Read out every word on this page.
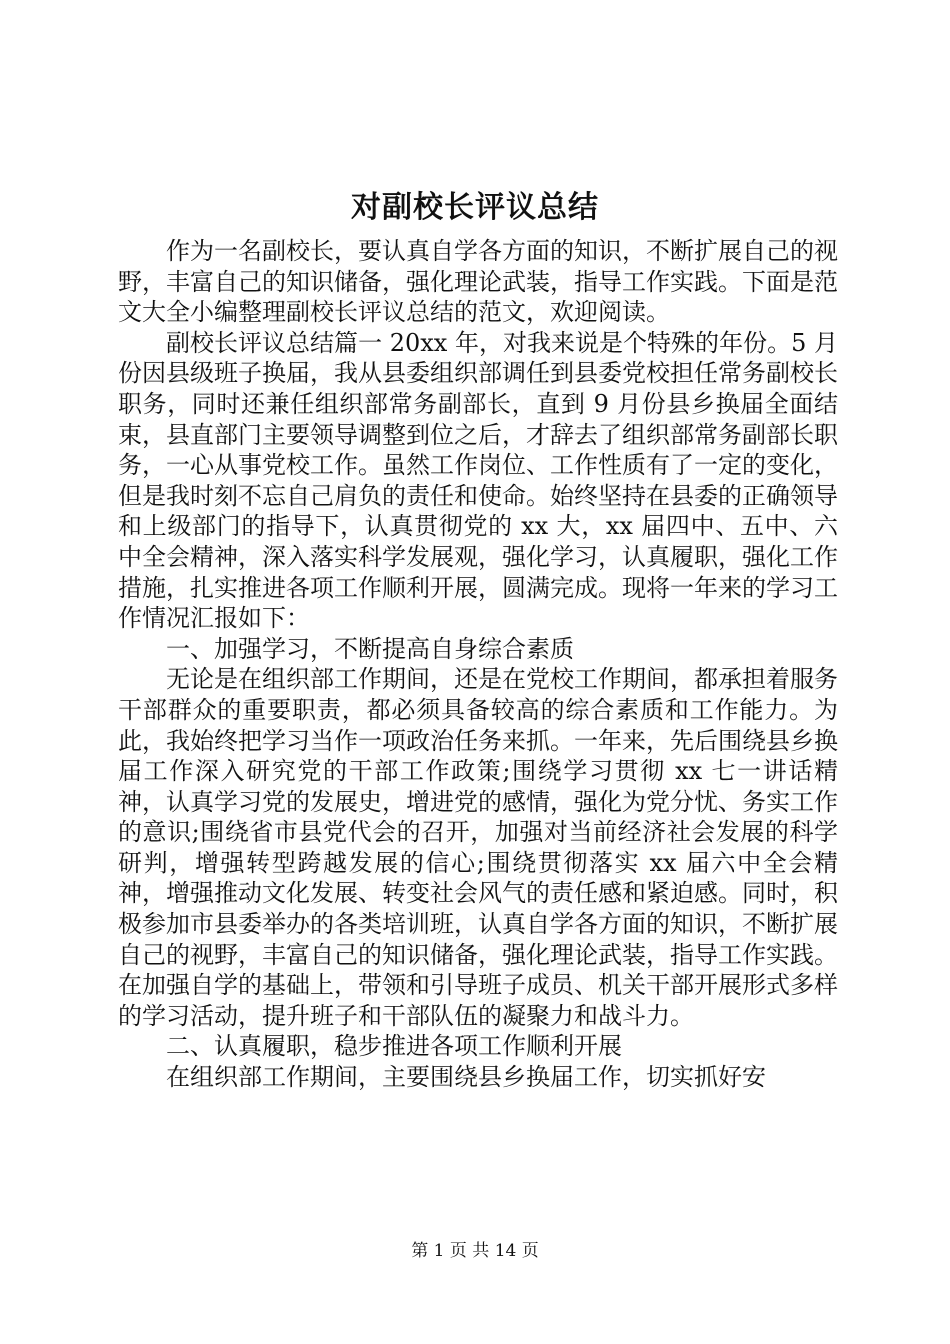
对副校长评议总结

作为一名副校长，要认真自学各方面的知识，不断扩展自己的视野，丰富自己的知识储备，强化理论武装，指导工作实践。下面是范文大全小编整理副校长评议总结的范文，欢迎阅读。

副校长评议总结篇一 20xx 年，对我来说是个特殊的年份。5 月份因县级班子换届，我从县委组织部调任到县委党校担任常务副校长职务，同时还兼任组织部常务副部长，直到 9 月份县乡换届全面结束，县直部门主要领导调整到位之后，才辞去了组织部常务副部长职务，一心从事党校工作。虽然工作岗位、工作性质有了一定的变化，但是我时刻不忘自己肩负的责任和使命。始终坚持在县委的正确领导和上级部门的指导下，认真贯彻党的 xx 大，xx 届四中、五中、六中全会精神，深入落实科学发展观，强化学习，认真履职，强化工作措施，扎实推进各项工作顺利开展，圆满完成。现将一年来的学习工作情况汇报如下：

一、加强学习，不断提高自身综合素质

无论是在组织部工作期间，还是在党校工作期间，都承担着服务干部群众的重要职责，都必须具备较高的综合素质和工作能力。为此，我始终把学习当作一项政治任务来抓。一年来，先后围绕县乡换届工作深入研究党的干部工作政策;围绕学习贯彻 xx 七一讲话精神，认真学习党的发展史，增进党的感情，强化为党分忧、务实工作的意识;围绕省市县党代会的召开，加强对当前经济社会发展的科学研判，增强转型跨越发展的信心;围绕贯彻落实 xx 届六中全会精神，增强推动文化发展、转变社会风气的责任感和紧迫感。同时，积极参加市县委举办的各类培训班，认真自学各方面的知识，不断扩展自己的视野，丰富自己的知识储备，强化理论武装，指导工作实践。在加强自学的基础上，带领和引导班子成员、机关干部开展形式多样的学习活动，提升班子和干部队伍的凝聚力和战斗力。

二、认真履职，稳步推进各项工作顺利开展

在组织部工作期间，主要围绕县乡换届工作，切实抓好安

第 1 页 共 14 页
